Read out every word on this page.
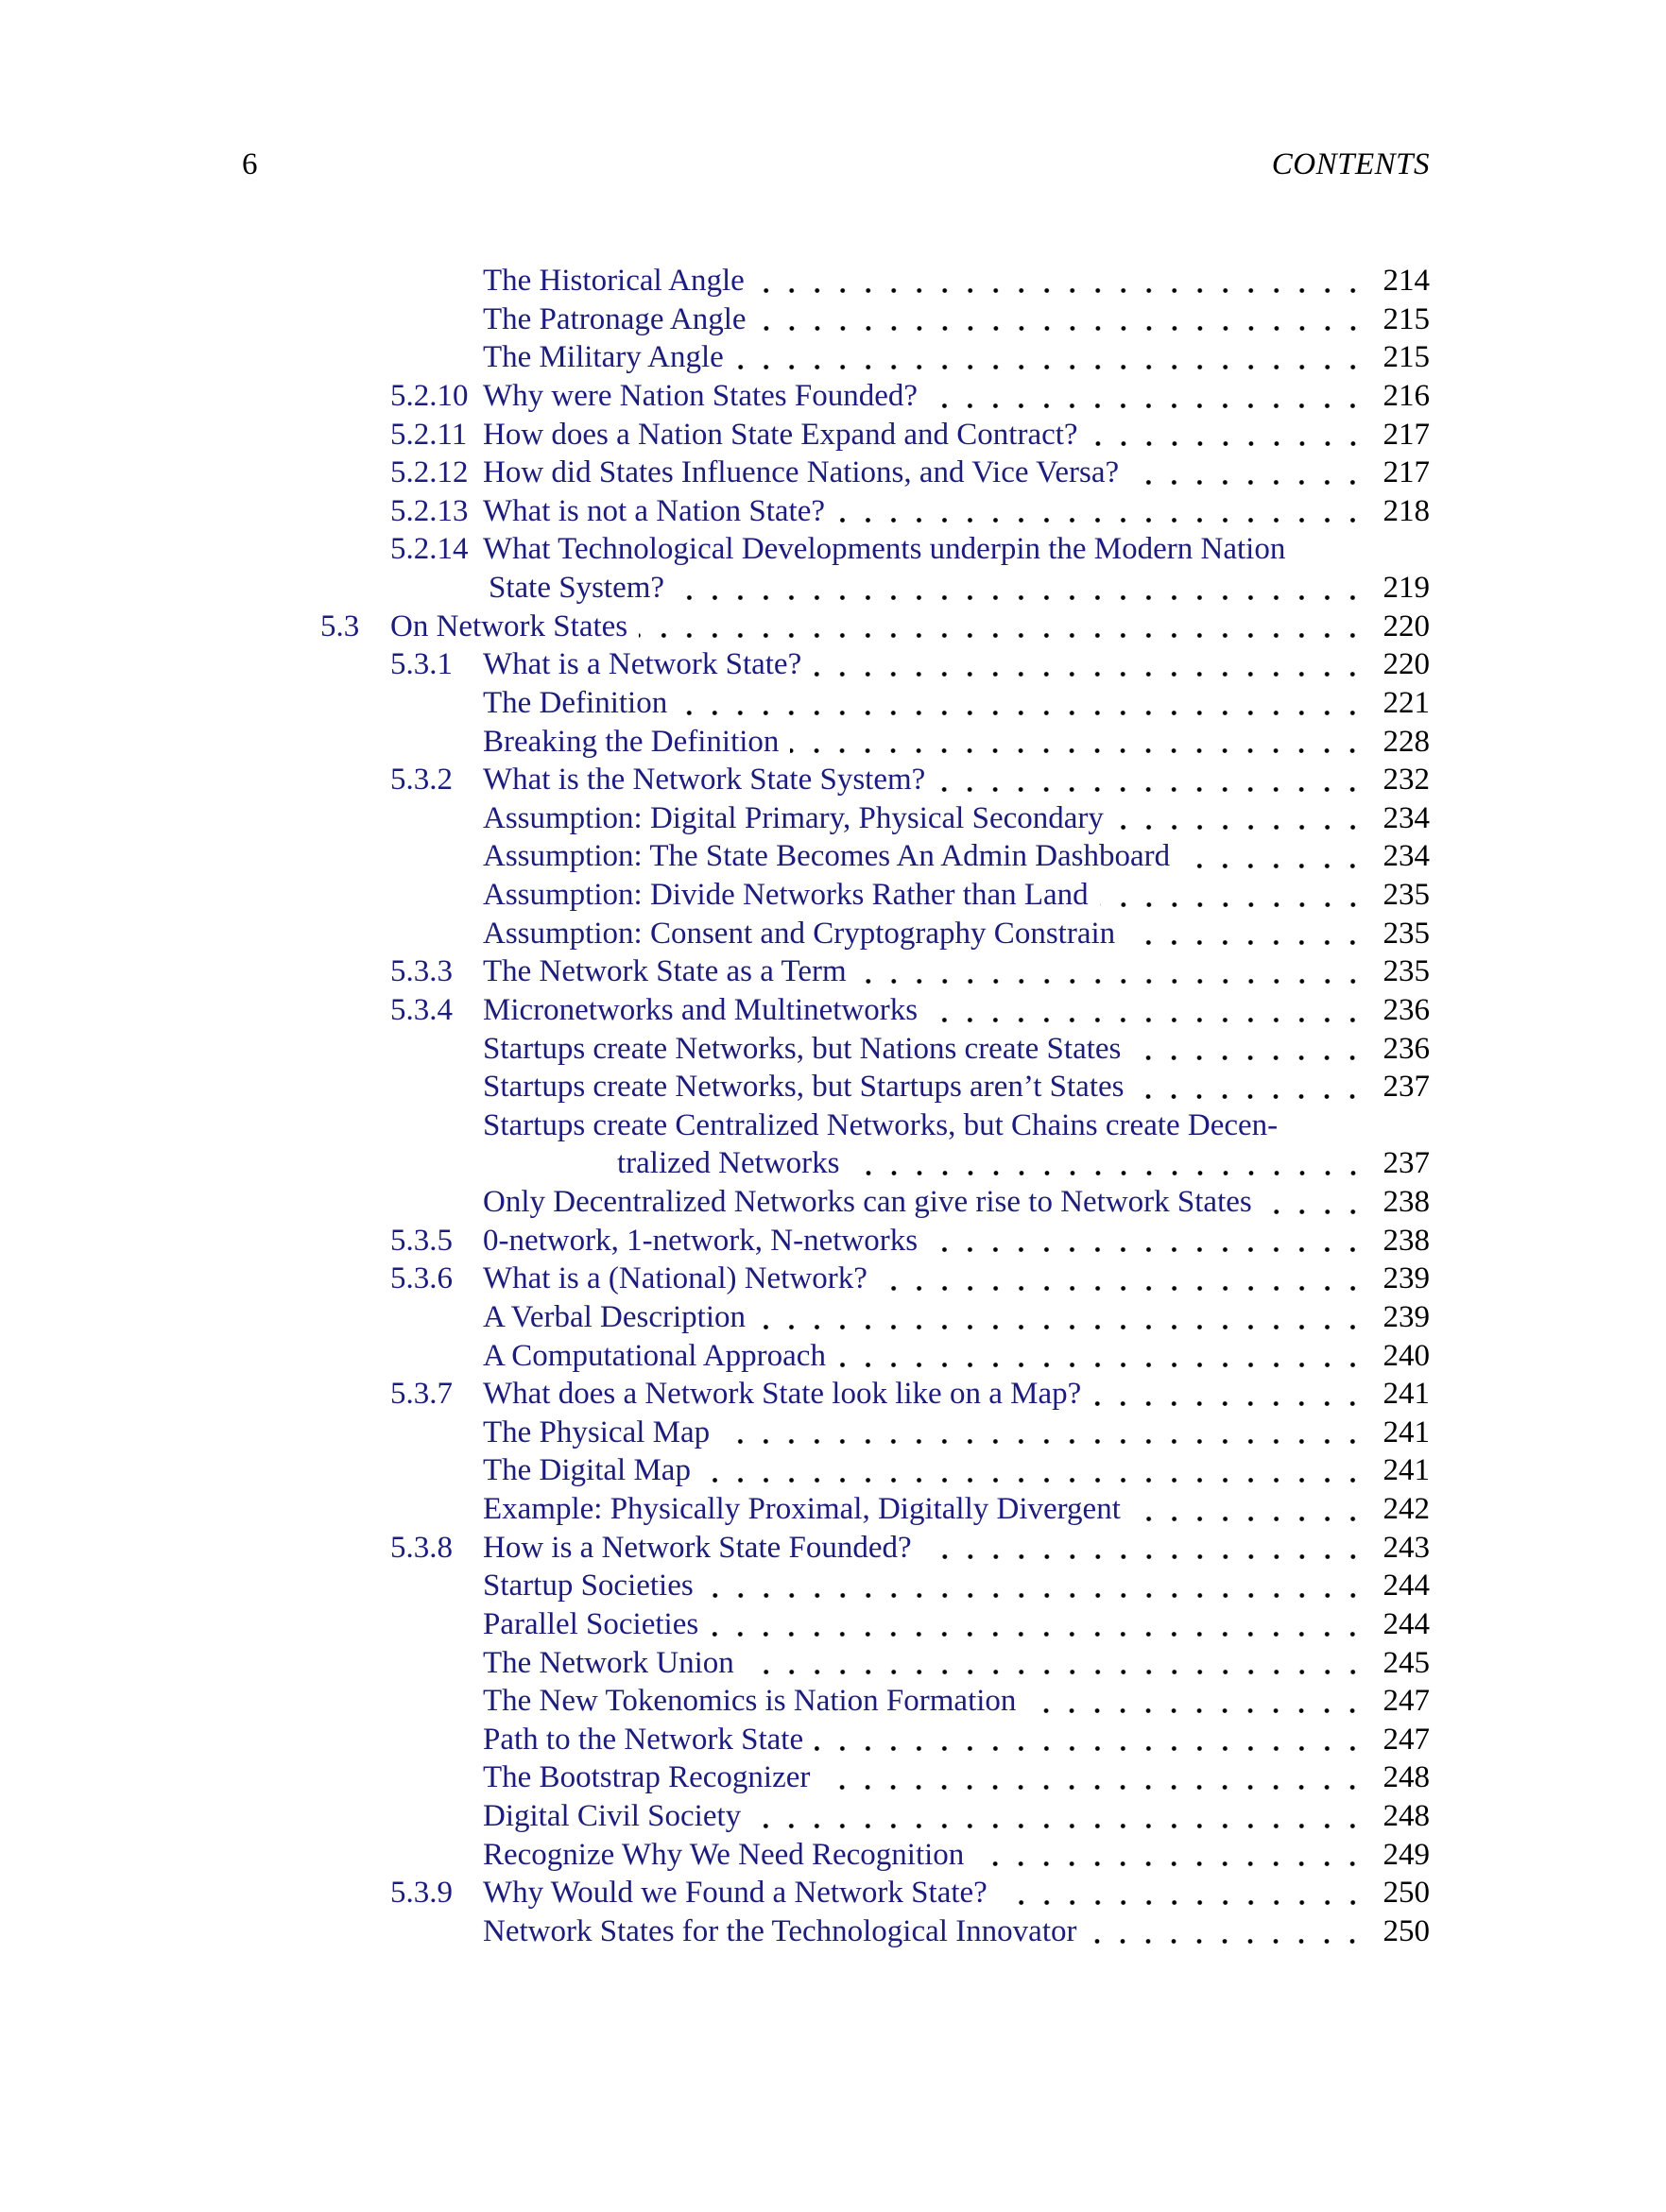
6	CONTENTS
The Historical Angle	214
The Patronage Angle	215
The Military Angle	215
5.2.10 Why were Nation States Founded?	216
5.2.11 How does a Nation State Expand and Contract?	217
5.2.12 How did States Influence Nations, and Vice Versa?	217
5.2.13 What is not a Nation State?	218
5.2.14 What Technological Developments underpin the Modern Nation
State System?	219
5.3 On Network States	220
5.3.1 What is a Network State?	220
The Definition	221
Breaking the Definition	228
5.3.2 What is the Network State System?	232
Assumption: Digital Primary, Physical Secondary	234
Assumption: The State Becomes An Admin Dashboard	234
Assumption: Divide Networks Rather than Land	235
Assumption: Consent and Cryptography Constrain	235
5.3.3 The Network State as a Term	235
5.3.4 Micronetworks and Multinetworks	236
Startups create Networks, but Nations create States	236
Startups create Networks, but Startups aren’t States	237
Startups create Centralized Networks, but Chains create Decen-
tralized Networks	237
Only Decentralized Networks can give rise to Network States	238
5.3.5 0-network, 1-network, N-networks	238
5.3.6 What is a (National) Network?	239
A Verbal Description	239
A Computational Approach	240
5.3.7 What does a Network State look like on a Map?	241
The Physical Map	241
The Digital Map	241
Example: Physically Proximal, Digitally Divergent	242
5.3.8 How is a Network State Founded?	243
Startup Societies	244
Parallel Societies	244
The Network Union	245
The New Tokenomics is Nation Formation	247
Path to the Network State	247
The Bootstrap Recognizer	248
Digital Civil Society	248
Recognize Why We Need Recognition	249
5.3.9 Why Would we Found a Network State?	250
Network States for the Technological Innovator	250
